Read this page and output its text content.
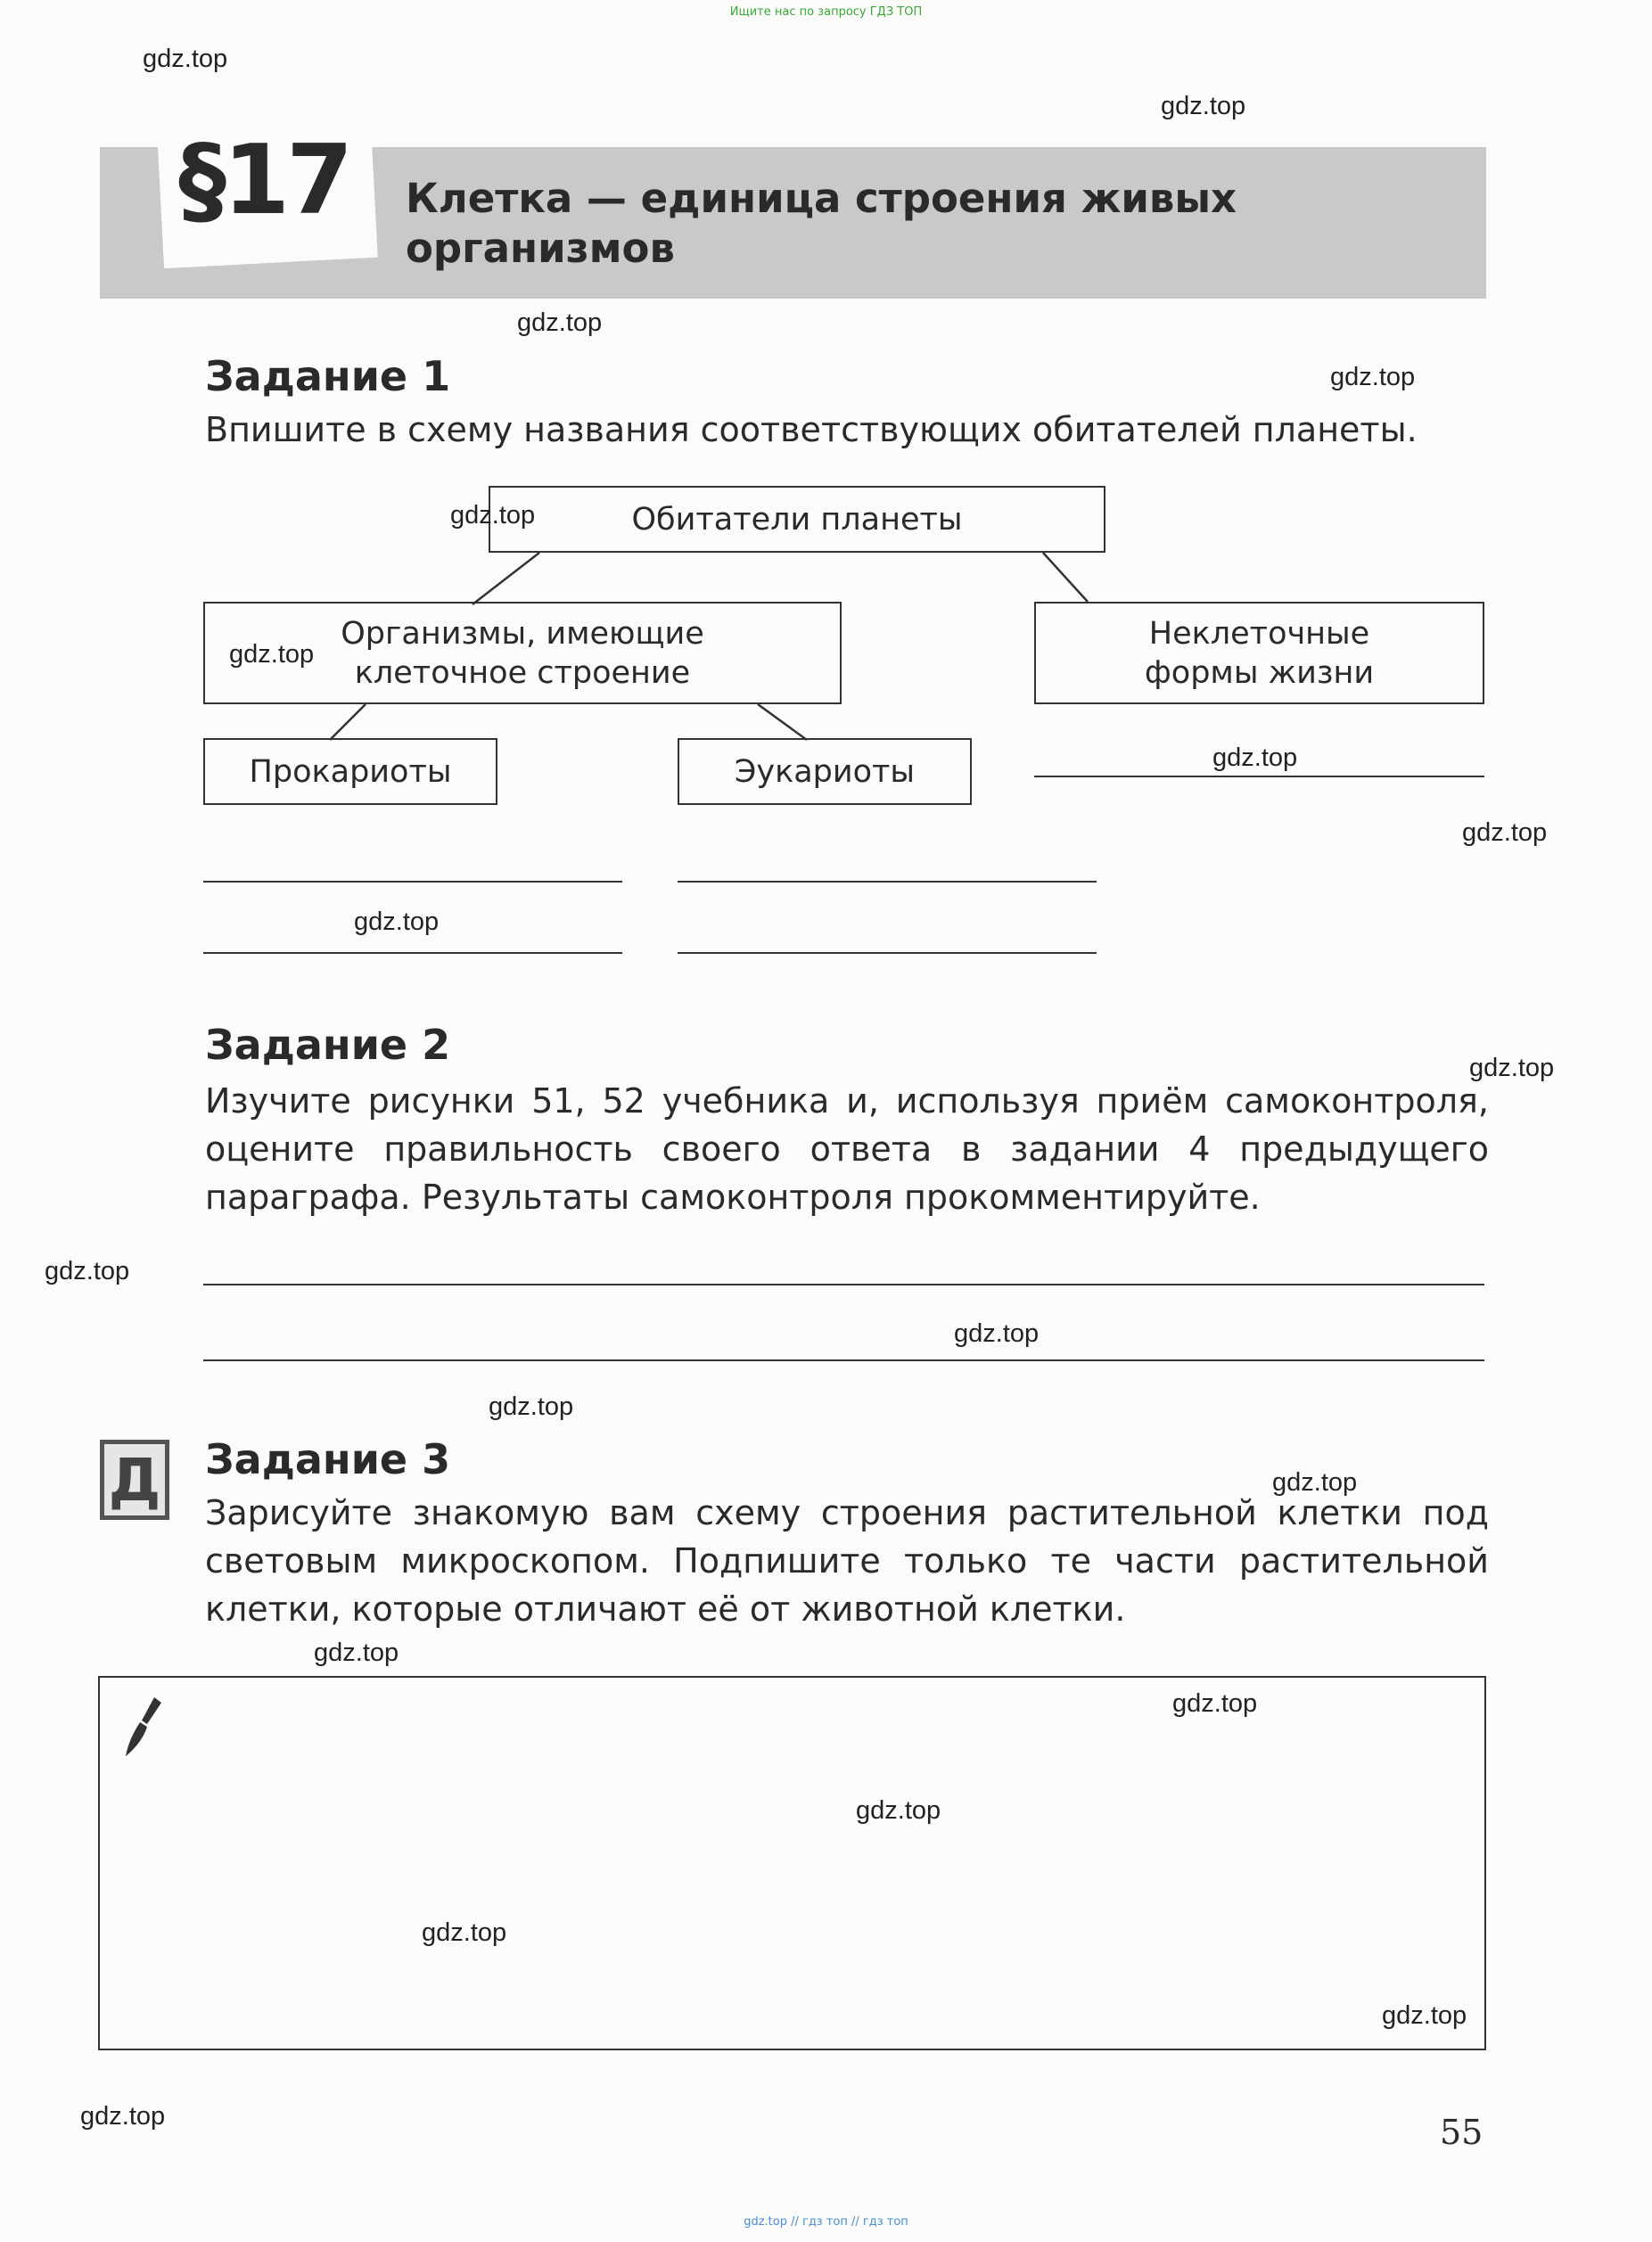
Ищите нас по запросу ГДЗ ТОП
§17 Клетка — единица строения живых организмов
Задание 1
Впишите в схему названия соответствующих обитателей планеты.
Обитатели планеты
Организмы, имеющие клеточное строение
Неклеточные формы жизни
Прокариоты	Эукариоты
Задание 2
Изучите рисунки 51, 52 учебника и, используя приём самоконтроля, оцените правильность своего ответа в задании 4 предыдущего параграфа. Результаты самоконтроля прокомментируйте.
Д Задание 3
Зарисуйте знакомую вам схему строения растительной клетки под световым микроскопом. Подпишите только те части растительной клетки, которые отличают её от животной клетки.
55
gdz.top
gdz.top
gdz.top
gdz.top
gdz.top
gdz.top
gdz.top
gdz.top
gdz.top
gdz.top
gdz.top
gdz.top
gdz.top
gdz.top
gdz.top
gdz.top
gdz.top
gdz.top
gdz.top
gdz.top
gdz.top // гдз топ // гдз топ
